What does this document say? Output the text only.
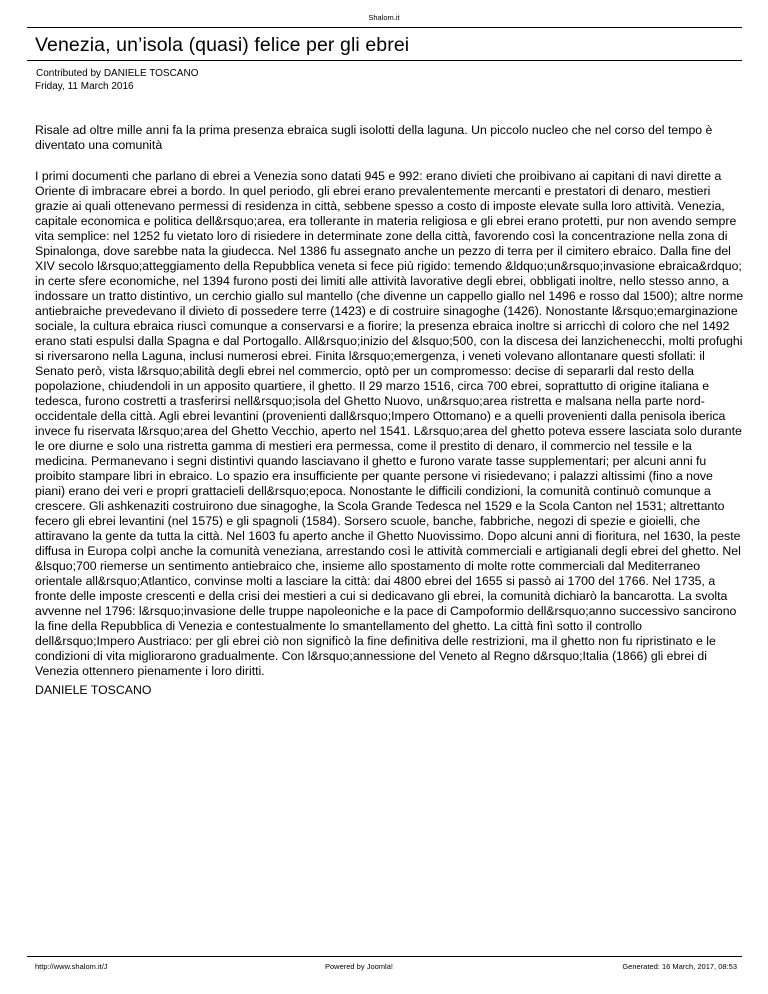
Shalom.it
Venezia, un’isola (quasi) felice per gli ebrei
Contributed by DANIELE TOSCANO
Friday, 11 March 2016

Risale ad oltre mille anni fa la prima presenza ebraica sugli isolotti della laguna. Un piccolo nucleo che nel corso del tempo è diventato una comunità

I primi documenti che parlano di ebrei a Venezia sono datati 945 e 992: erano divieti che proibivano ai capitani di navi dirette a Oriente di imbracare ebrei a bordo. In quel periodo, gli ebrei erano prevalentemente mercanti e prestatori di denaro, mestieri grazie ai quali ottenevano permessi di residenza in città, sebbene spesso a costo di imposte elevate sulla loro attività. Venezia, capitale economica e politica dell&rsquo;area, era tollerante in materia religiosa e gli ebrei erano protetti, pur non avendo sempre vita semplice: nel 1252 fu vietato loro di risiedere in determinate zone della città, favorendo così la concentrazione nella zona di Spinalonga, dove sarebbe nata la giudecca. Nel 1386 fu assegnato anche un pezzo di terra per il cimitero ebraico. Dalla fine del XIV secolo l&rsquo;atteggiamento della Repubblica veneta si fece più rigido: temendo &ldquo;un&rsquo;invasione ebraica&rdquo; in certe sfere economiche, nel 1394 furono posti dei limiti alle attività lavorative degli ebrei, obbligati inoltre, nello stesso anno, a indossare un tratto distintivo, un cerchio giallo sul mantello (che divenne un cappello giallo nel 1496 e rosso dal 1500); altre norme antiebraiche prevedevano il divieto di possedere terre (1423) e di costruire sinagoghe (1426). Nonostante l&rsquo;emarginazione sociale, la cultura ebraica riuscì comunque a conservarsi e a fiorire; la presenza ebraica inoltre si arricchì di coloro che nel 1492 erano stati espulsi dalla Spagna e dal Portogallo. All&rsquo;inizio del &lsquo;500, con la discesa dei lanzichenecchi, molti profughi si riversarono nella Laguna, inclusi numerosi ebrei. Finita l&rsquo;emergenza, i veneti volevano allontanare questi sfollati: il Senato però, vista l&rsquo;abilità degli ebrei nel commercio, optò per un compromesso: decise di separarli dal resto della popolazione, chiudendoli in un apposito quartiere, il ghetto. Il 29 marzo 1516, circa 700 ebrei, soprattutto di origine italiana e tedesca, furono costretti a trasferirsi nell&rsquo;isola del Ghetto Nuovo, un&rsquo;area ristretta e malsana nella parte nord-occidentale della città. Agli ebrei levantini (provenienti dall&rsquo;Impero Ottomano) e a quelli provenienti dalla penisola iberica invece fu riservata l&rsquo;area del Ghetto Vecchio, aperto nel 1541. L&rsquo;area del ghetto poteva essere lasciata solo durante le ore diurne e solo una ristretta gamma di mestieri era permessa, come il prestito di denaro, il commercio nel tessile e la medicina. Permanevano i segni distintivi quando lasciavano il ghetto e furono varate tasse supplementari; per alcuni anni fu proibito stampare libri in ebraico. Lo spazio era insufficiente per quante persone vi risiedevano; i palazzi altissimi (fino a nove piani) erano dei veri e propri grattacieli dell&rsquo;epoca. Nonostante le difficili condizioni, la comunità continuò comunque a crescere. Gli ashkenaziti costruirono due sinagoghe, la Scola Grande Tedesca nel 1529 e la Scola Canton nel 1531; altrettanto fecero gli ebrei levantini (nel 1575) e gli spagnoli (1584). Sorsero scuole, banche, fabbriche, negozi di spezie e gioielli, che attiravano la gente da tutta la città. Nel 1603 fu aperto anche il Ghetto Nuovissimo. Dopo alcuni anni di fioritura, nel 1630, la peste diffusa in Europa colpì anche la comunità veneziana, arrestando così le attività commerciali e artigianali degli ebrei del ghetto. Nel &lsquo;700 riemerse un sentimento antiebraico che, insieme allo spostamento di molte rotte commerciali dal Mediterraneo orientale all&rsquo;Atlantico, convinse molti a lasciare la città: dai 4800 ebrei del 1655 si passò ai 1700 del 1766. Nel 1735, a fronte delle imposte crescenti e della crisi dei mestieri a cui si dedicavano gli ebrei, la comunità dichiarò la bancarotta. La svolta avvenne nel 1796: l&rsquo;invasione delle truppe napoleoniche e la pace di Campoformio dell&rsquo;anno successivo sancirono la fine della Repubblica di Venezia e contestualmente lo smantellamento del ghetto. La città finì sotto il controllo dell&rsquo;Impero Austriaco: per gli ebrei ciò non significò la fine definitiva delle restrizioni, ma il ghetto non fu ripristinato e le condizioni di vita migliorarono gradualmente. Con l&rsquo;annessione del Veneto al Regno d&rsquo;Italia (1866) gli ebrei di Venezia ottennero pienamente i loro diritti.

DANIELE TOSCANO

http://www.shalom.it/J	Powered by Joomla!	Generated: 16 March, 2017, 08:53
